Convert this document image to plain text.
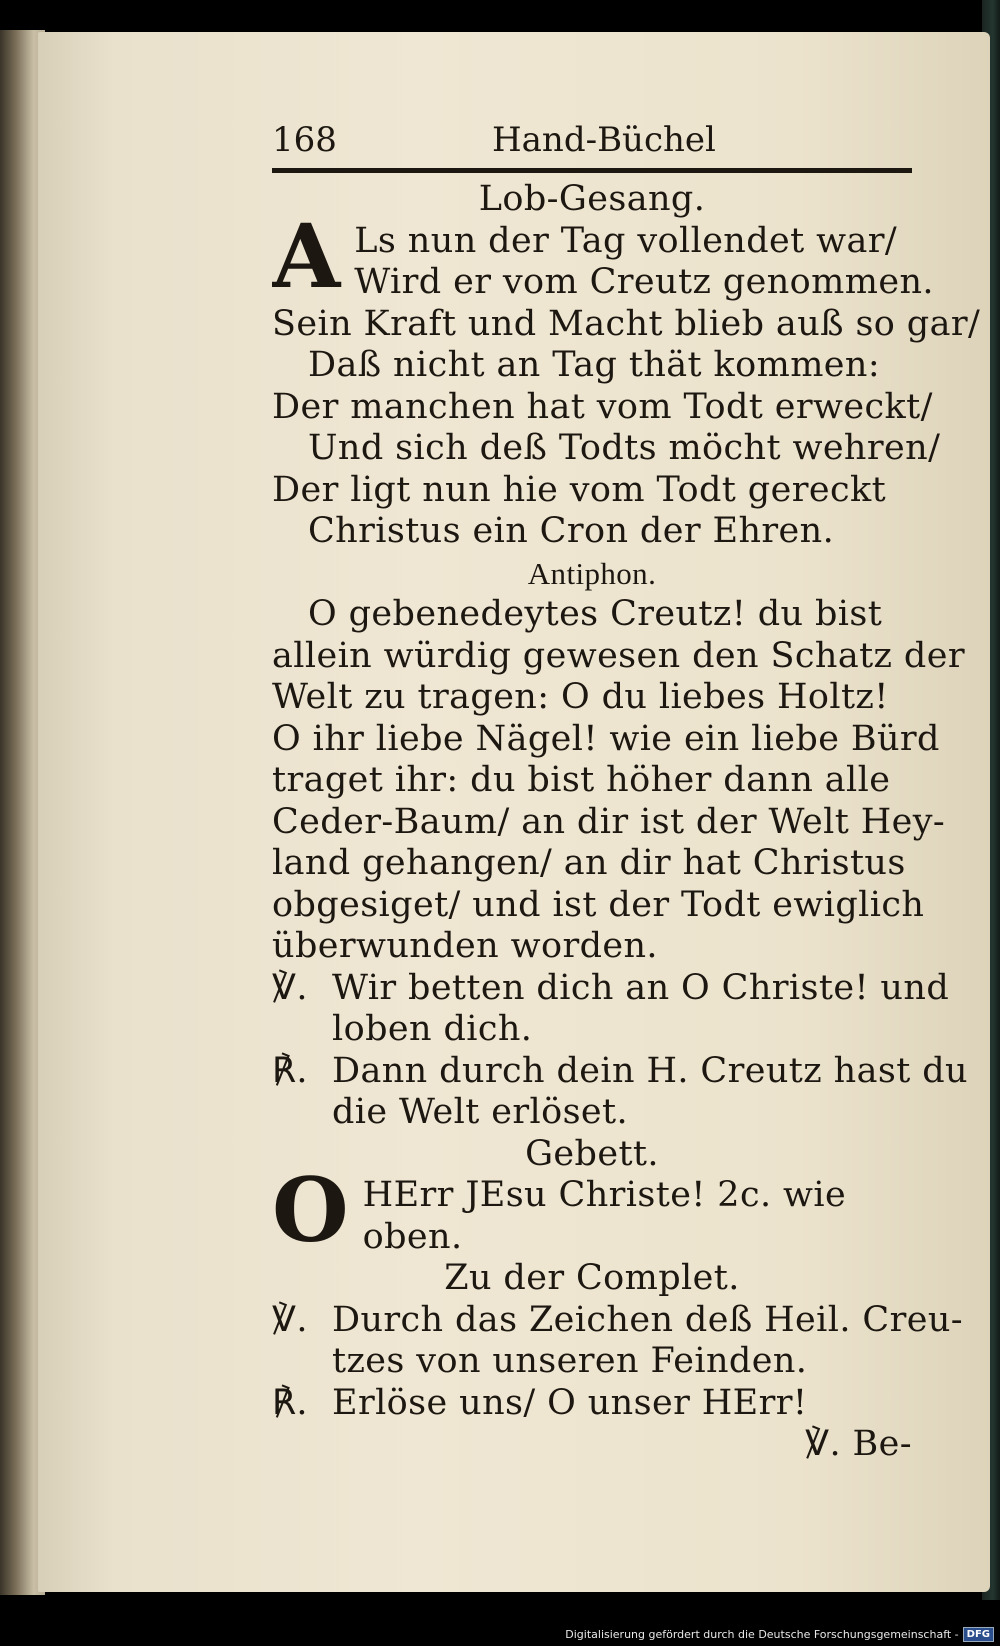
168	Hand-Büchel
Lob-Gesang.
A Ls nun der Tag vollendet war/
Wird er vom Creutz genommen.
Sein Kraft und Macht blieb auß so gar/
Daß nicht an Tag thät kommen:
Der manchen hat vom Todt erweckt/
Und sich deß Todts möcht wehren/
Der ligt nun hie vom Todt gereckt
Christus ein Cron der Ehren.
Antiphon.
O gebenedeytes Creutz! du bist
allein würdig gewesen den Schatz der
Welt zu tragen: O du liebes Holtz!
O ihr liebe Nägel! wie ein liebe Bürd
traget ihr: du bist höher dann alle
Ceder-Baum/ an dir ist der Welt Hey-
land gehangen/ an dir hat Christus
obgesiget/ und ist der Todt ewiglich
überwunden worden.
℣. Wir betten dich an O Christe! und
loben dich.
℟. Dann durch dein H. Creutz hast du
die Welt erlöset.
Gebett.
O HErr JEsu Christe! 2c. wie
oben.
Zu der Complet.
℣. Durch das Zeichen deß Heil. Creu-
tzes von unseren Feinden.
℟. Erlöse uns/ O unser HErr!
℣. Be-
Digitalisierung gefördert durch die Deutsche Forschungsgemeinschaft - DFG
